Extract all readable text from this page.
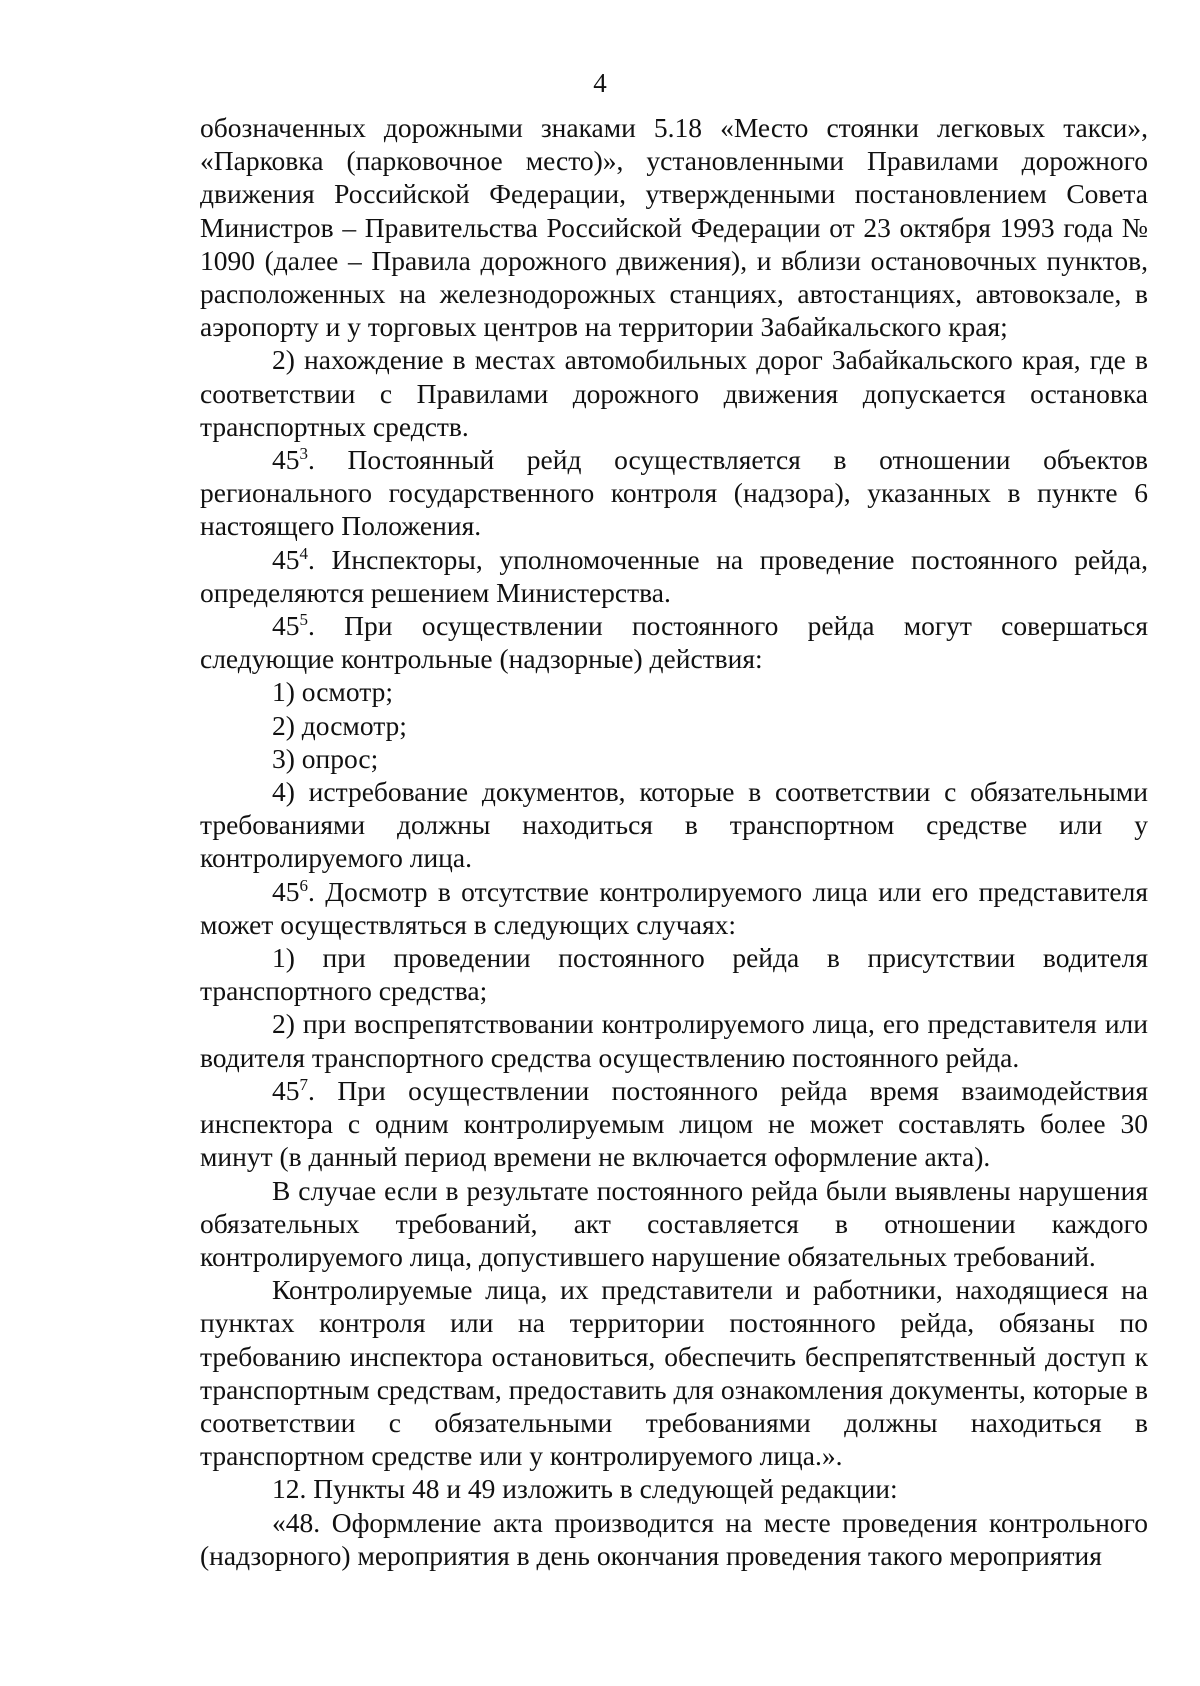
4

обозначенных дорожными знаками 5.18 «Место стоянки легковых такси», «Парковка (парковочное место)», установленными Правилами дорожного движения Российской Федерации, утвержденными постановлением Совета Министров – Правительства Российской Федерации от 23 октября 1993 года № 1090 (далее – Правила дорожного движения), и вблизи остановочных пунктов, расположенных на железнодорожных станциях, автостанциях, автовокзале, в аэропорту и у торговых центров на территории Забайкальского края;

2) нахождение в местах автомобильных дорог Забайкальского края, где в соответствии с Правилами дорожного движения допускается остановка транспортных средств.

$45^3$. Постоянный рейд осуществляется в отношении объектов регионального государственного контроля (надзора), указанных в пункте 6 настоящего Положения.

$45^4$. Инспекторы, уполномоченные на проведение постоянного рейда, определяются решением Министерства.

$45^5$. При осуществлении постоянного рейда могут совершаться следующие контрольные (надзорные) действия:

1) осмотр;

2) досмотр;

3) опрос;

4) истребование документов, которые в соответствии с обязательными требованиями должны находиться в транспортном средстве или у контролируемого лица.

$45^6$. Досмотр в отсутствие контролируемого лица или его представителя может осуществляться в следующих случаях:

1) при проведении постоянного рейда в присутствии водителя транспортного средства;

2) при воспрепятствовании контролируемого лица, его представителя или водителя транспортного средства осуществлению постоянного рейда.

$45^7$. При осуществлении постоянного рейда время взаимодействия инспектора с одним контролируемым лицом не может составлять более 30 минут (в данный период времени не включается оформление акта).

В случае если в результате постоянного рейда были выявлены нарушения обязательных требований, акт составляется в отношении каждого контролируемого лица, допустившего нарушение обязательных требований.

Контролируемые лица, их представители и работники, находящиеся на пунктах контроля или на территории постоянного рейда, обязаны по требованию инспектора остановиться, обеспечить беспрепятственный доступ к транспортным средствам, предоставить для ознакомления документы, которые в соответствии с обязательными требованиями должны находиться в транспортном средстве или у контролируемого лица.».

12. Пункты 48 и 49 изложить в следующей редакции:

«48. Оформление акта производится на месте проведения контрольного (надзорного) мероприятия в день окончания проведения такого мероприятия
